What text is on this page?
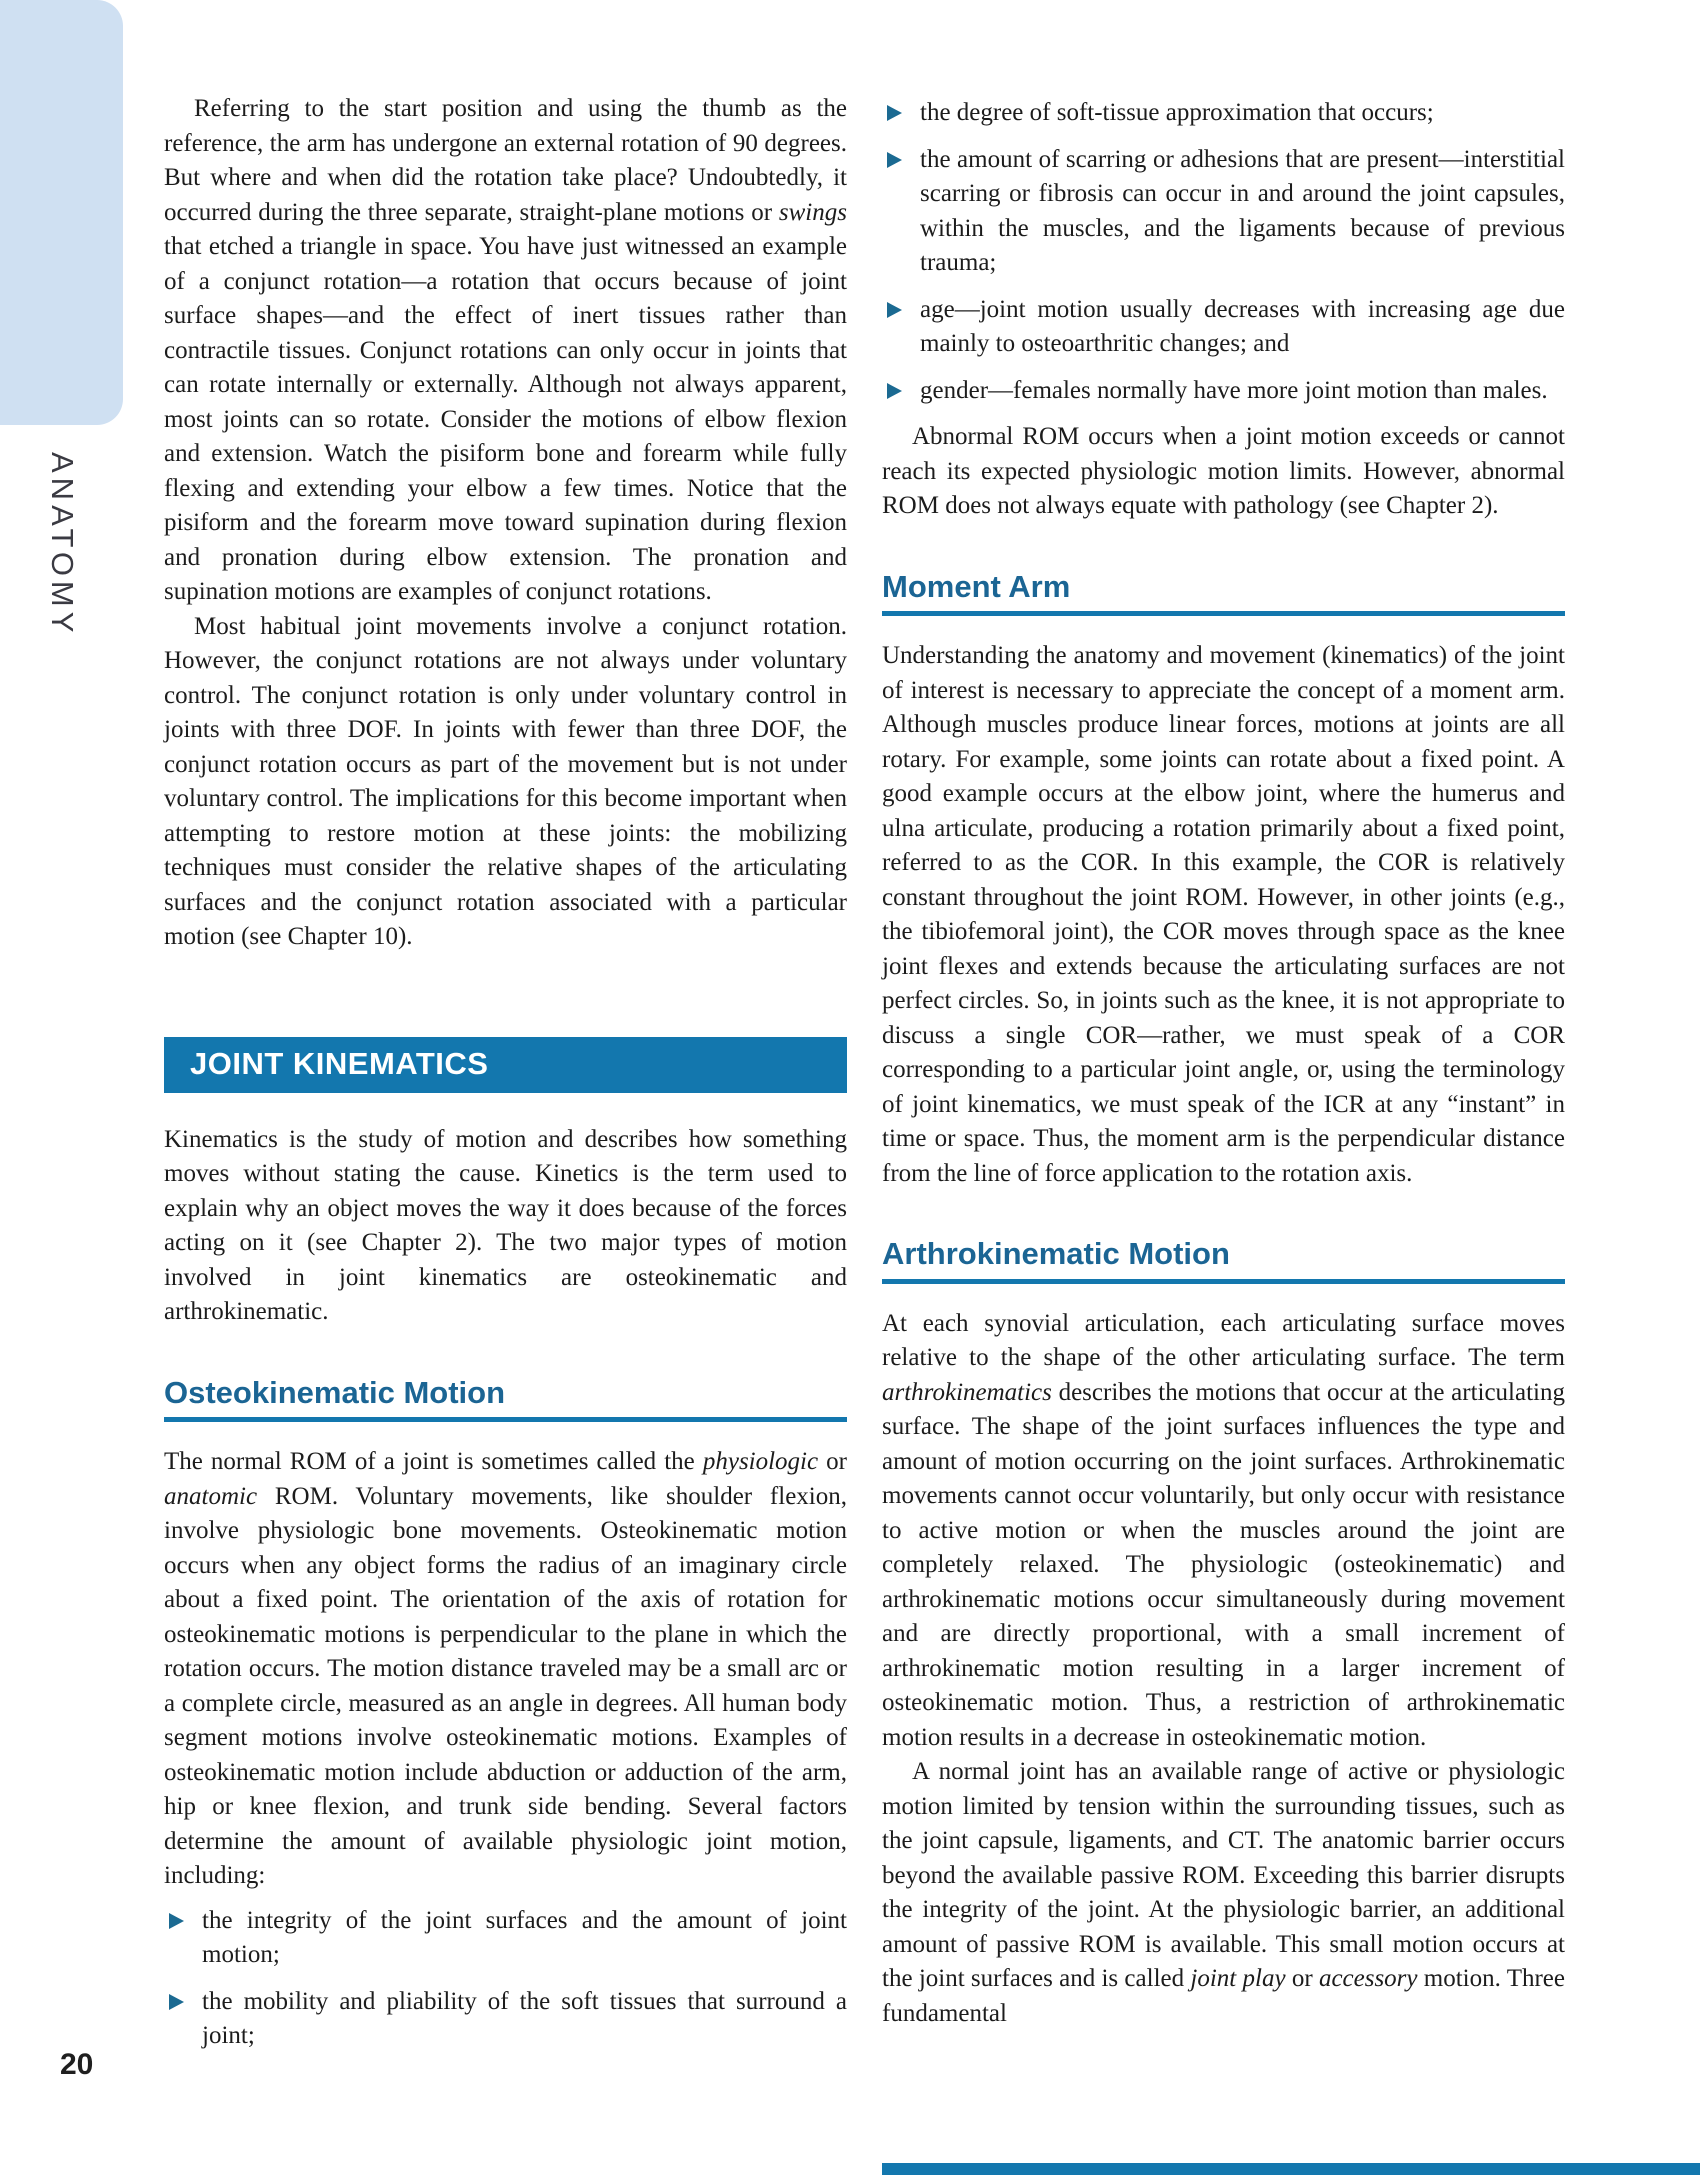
ANATOMY
20

Referring to the start position and using the thumb as the reference, the arm has undergone an external rotation of 90 degrees. But where and when did the rotation take place? Undoubtedly, it occurred during the three separate, straight-plane motions or swings that etched a triangle in space. You have just witnessed an example of a conjunct rotation—a rotation that occurs because of joint surface shapes—and the effect of inert tissues rather than contractile tissues. Conjunct rotations can only occur in joints that can rotate internally or externally. Although not always apparent, most joints can so rotate. Consider the motions of elbow flexion and extension. Watch the pisiform bone and forearm while fully flexing and extending your elbow a few times. Notice that the pisiform and the forearm move toward supination during flexion and pronation during elbow extension. The pronation and supination motions are examples of conjunct rotations.

Most habitual joint movements involve a conjunct rotation. However, the conjunct rotations are not always under voluntary control. The conjunct rotation is only under voluntary control in joints with three DOF. In joints with fewer than three DOF, the conjunct rotation occurs as part of the movement but is not under voluntary control. The implications for this become important when attempting to restore motion at these joints: the mobilizing techniques must consider the relative shapes of the articulating surfaces and the conjunct rotation associated with a particular motion (see Chapter 10).

JOINT KINEMATICS

Kinematics is the study of motion and describes how something moves without stating the cause. Kinetics is the term used to explain why an object moves the way it does because of the forces acting on it (see Chapter 2). The two major types of motion involved in joint kinematics are osteokinematic and arthrokinematic.

Osteokinematic Motion

The normal ROM of a joint is sometimes called the physiologic or anatomic ROM. Voluntary movements, like shoulder flexion, involve physiologic bone movements. Osteokinematic motion occurs when any object forms the radius of an imaginary circle about a fixed point. The orientation of the axis of rotation for osteokinematic motions is perpendicular to the plane in which the rotation occurs. The motion distance traveled may be a small arc or a complete circle, measured as an angle in degrees. All human body segment motions involve osteokinematic motions. Examples of osteokinematic motion include abduction or adduction of the arm, hip or knee flexion, and trunk side bending. Several factors determine the amount of available physiologic joint motion, including:

the integrity of the joint surfaces and the amount of joint motion;
the mobility and pliability of the soft tissues that surround a joint;
the degree of soft-tissue approximation that occurs;
the amount of scarring or adhesions that are present—interstitial scarring or fibrosis can occur in and around the joint capsules, within the muscles, and the ligaments because of previous trauma;
age—joint motion usually decreases with increasing age due mainly to osteoarthritic changes; and
gender—females normally have more joint motion than males.

Abnormal ROM occurs when a joint motion exceeds or cannot reach its expected physiologic motion limits. However, abnormal ROM does not always equate with pathology (see Chapter 2).

Moment Arm

Understanding the anatomy and movement (kinematics) of the joint of interest is necessary to appreciate the concept of a moment arm. Although muscles produce linear forces, motions at joints are all rotary. For example, some joints can rotate about a fixed point. A good example occurs at the elbow joint, where the humerus and ulna articulate, producing a rotation primarily about a fixed point, referred to as the COR. In this example, the COR is relatively constant throughout the joint ROM. However, in other joints (e.g., the tibiofemoral joint), the COR moves through space as the knee joint flexes and extends because the articulating surfaces are not perfect circles. So, in joints such as the knee, it is not appropriate to discuss a single COR—rather, we must speak of a COR corresponding to a particular joint angle, or, using the terminology of joint kinematics, we must speak of the ICR at any “instant” in time or space. Thus, the moment arm is the perpendicular distance from the line of force application to the rotation axis.

Arthrokinematic Motion

At each synovial articulation, each articulating surface moves relative to the shape of the other articulating surface. The term arthrokinematics describes the motions that occur at the articulating surface. The shape of the joint surfaces influences the type and amount of motion occurring on the joint surfaces. Arthrokinematic movements cannot occur voluntarily, but only occur with resistance to active motion or when the muscles around the joint are completely relaxed. The physiologic (osteokinematic) and arthrokinematic motions occur simultaneously during movement and are directly proportional, with a small increment of arthrokinematic motion resulting in a larger increment of osteokinematic motion. Thus, a restriction of arthrokinematic motion results in a decrease in osteokinematic motion.

A normal joint has an available range of active or physiologic motion limited by tension within the surrounding tissues, such as the joint capsule, ligaments, and CT. The anatomic barrier occurs beyond the available passive ROM. Exceeding this barrier disrupts the integrity of the joint. At the physiologic barrier, an additional amount of passive ROM is available. This small motion occurs at the joint surfaces and is called joint play or accessory motion. Three fundamental
